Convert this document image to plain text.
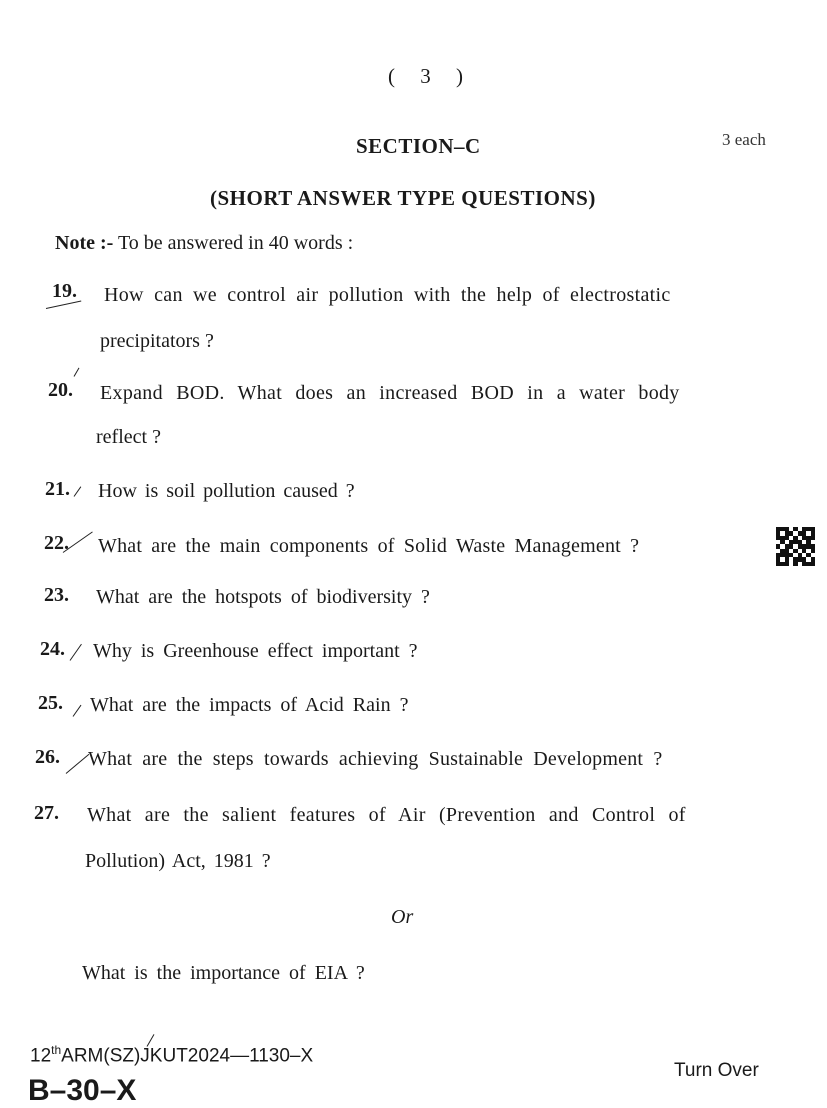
( 3 )
SECTION–C	3 each
(SHORT ANSWER TYPE QUESTIONS)
Note :- To be answered in 40 words :
19. How can we control air pollution with the help of electrostatic
precipitators ?
20. Expand BOD. What does an increased BOD in a water body
reflect ?
21. How is soil pollution caused ?
22. What are the main components of Solid Waste Management ?
23. What are the hotspots of biodiversity ?
24. Why is Greenhouse effect important ?
25. What are the impacts of Acid Rain ?
26. What are the steps towards achieving Sustainable Development ?
27. What are the salient features of Air (Prevention and Control of
Pollution) Act, 1981 ?
Or
What is the importance of EIA ?
12thARM(SZ)JKUT2024—1130–X
B–30–X
Turn Over
